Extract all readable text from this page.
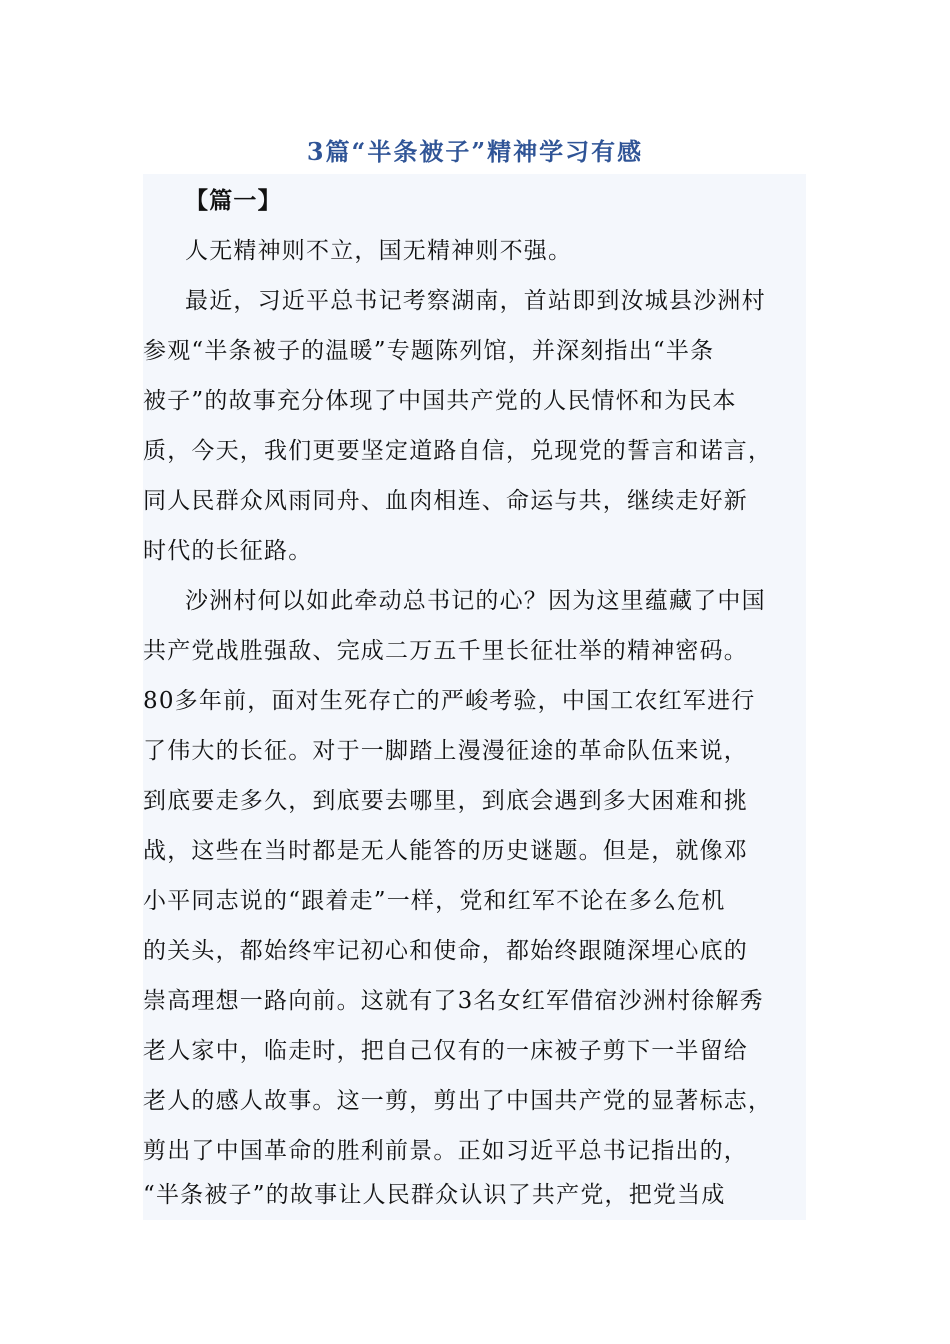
3篇“半条被子”精神学习有感
【篇一】
人无精神则不立，国无精神则不强。
最近，习近平总书记考察湖南，首站即到汝城县沙洲村
参观“半条被子的温暖”专题陈列馆，并深刻指出“半条
被子”的故事充分体现了中国共产党的人民情怀和为民本
质，今天，我们更要坚定道路自信，兑现党的誓言和诺言，
同人民群众风雨同舟、血肉相连、命运与共，继续走好新
时代的长征路。
沙洲村何以如此牵动总书记的心？因为这里蕴藏了中国
共产党战胜强敌、完成二万五千里长征壮举的精神密码。
80多年前，面对生死存亡的严峻考验，中国工农红军进行
了伟大的长征。对于一脚踏上漫漫征途的革命队伍来说，
到底要走多久，到底要去哪里，到底会遇到多大困难和挑
战，这些在当时都是无人能答的历史谜题。但是，就像邓
小平同志说的“跟着走”一样，党和红军不论在多么危机
的关头，都始终牢记初心和使命，都始终跟随深埋心底的
崇高理想一路向前。这就有了3名女红军借宿沙洲村徐解秀
老人家中，临走时，把自己仅有的一床被子剪下一半留给
老人的感人故事。这一剪，剪出了中国共产党的显著标志，
剪出了中国革命的胜利前景。正如习近平总书记指出的，
“半条被子”的故事让人民群众认识了共产党，把党当成
